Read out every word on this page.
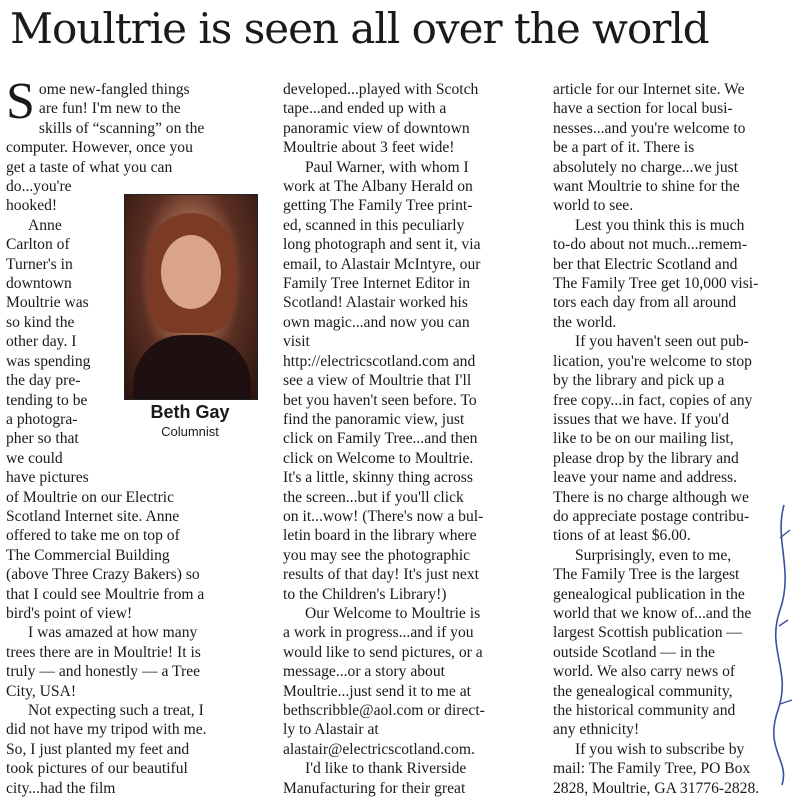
Moultrie is seen all over the world
S ome new-fangled things

are fun! I'm new to the

skills of “scanning” on the

computer. However, once you

get a taste of what you can

do...you're

hooked!

Anne

Carlton of

Turner's in

downtown

Moultrie was

so kind the

other day. I

was spending

the day pre-

tending to be

a photogra-

pher so that

we could

have pictures

of Moultrie on our Electric

Scotland Internet site. Anne

offered to take me on top of

The Commercial Building

(above Three Crazy Bakers) so

that I could see Moultrie from a

bird's point of view!

I was amazed at how many

trees there are in Moultrie! It is

truly — and honestly — a Tree

City, USA!

Not expecting such a treat, I

did not have my tripod with me.

So, I just planted my feet and

took pictures of our beautiful

city...had the film

developed...played with Scotch

tape...and ended up with a

panoramic view of downtown

Moultrie about 3 feet wide!

Paul Warner, with whom I

work at The Albany Herald on

getting The Family Tree print-

ed, scanned in this peculiarly

long photograph and sent it, via

email, to Alastair McIntyre, our

Family Tree Internet Editor in

Scotland! Alastair worked his

own magic...and now you can

visit

http://electricscotland.com and

see a view of Moultrie that I'll

bet you haven't seen before. To

find the panoramic view, just

click on Family Tree...and then

click on Welcome to Moultrie.

It's a little, skinny thing across

the screen...but if you'll click

on it...wow! (There's now a bul-

letin board in the library where

you may see the photographic

results of that day! It's just next

to the Children's Library!)

Our Welcome to Moultrie is

a work in progress...and if you

would like to send pictures, or a

message...or a story about

Moultrie...just send it to me at

bethscribble@aol.com or direct-

ly to Alastair at

alastair@electricscotland.com.

I'd like to thank Riverside

Manufacturing for their great

article for our Internet site. We

have a section for local busi-

nesses...and you're welcome to

be a part of it. There is

absolutely no charge...we just

want Moultrie to shine for the

world to see.

Lest you think this is much

to-do about not much...remem-

ber that Electric Scotland and

The Family Tree get 10,000 visi-

tors each day from all around

the world.

If you haven't seen out pub-

lication, you're welcome to stop

by the library and pick up a

free copy...in fact, copies of any

issues that we have. If you'd

like to be on our mailing list,

please drop by the library and

leave your name and address.

There is no charge although we

do appreciate postage contribu-

tions of at least $6.00.

Surprisingly, even to me,

The Family Tree is the largest

genealogical publication in the

world that we know of...and the

largest Scottish publication —

outside Scotland — in the

world. We also carry news of

the genealogical community,

the historical community and

any ethnicity!

If you wish to subscribe by

mail: The Family Tree, PO Box

2828, Moultrie, GA 31776-2828.

Beth Gay
Columnist
